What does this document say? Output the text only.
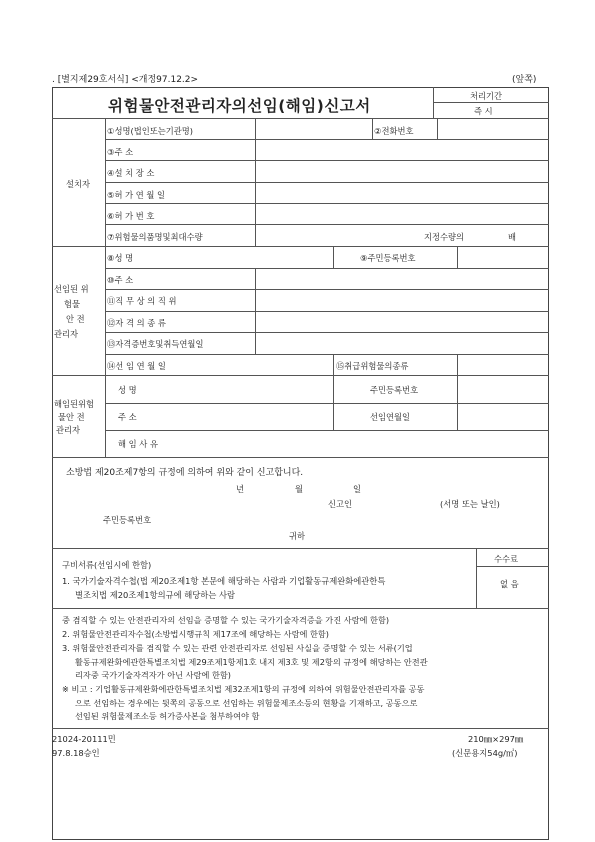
. [별지제29호서식] <개정97.12.2>	(앞쪽)
위험물안전관리자의선임(해임)신고서
처리기간
즉 시
설치자
①성명(법인또는기관명)	②전화번호
③주 소
④설 치 장 소
⑤허 가 연 월 일
⑥허 가 번 호
⑦위험물의품명및최대수량	지정수량의	배
선임된 위
험물
안 전
관리자
⑧성 명	⑨주민등록번호
⑩주 소
⑪직 무 상 의 직 위
⑫자 격 의 종 류
⑬자격증번호및취득연월일
⑭선 임 연 월 일	⑮취급위험물의종류
해임된위험
물안 전
관리자
성 명	주민등록번호
주 소	선임연월일
해 임 사 유
소방법 제20조제7항의 규정에 의하여 위와 같이 신고합니다.
년	월	일
신고인	(서명 또는 날인)
주민등록번호
귀하
구비서류(선임시에 한함)
1. 국가기술자격수첩(법 제20조제1항 본문에 해당하는 사람과 기업활동규제완화에관한특
별조치법 제20조제1항의규에 해당하는 사람
수수료
없 음
중 겸직할 수 있는 안전관리자의 선임을 증명할 수 있는 국가기술자격증을 가진 사람에 한함)
2. 위험물안전관리자수첩(소방법시행규칙 제17조에 해당하는 사람에 한함)
3. 위험물안전관리자를 겸직할 수 있는 관련 안전관리자로 선임된 사실을 증명할 수 있는 서류(기업
활동규제완화에관한특별조치법 제29조제1항제1호 내지 제3호 및 제2항의 규정에 해당하는 안전관
리자중 국가기술자격자가 아닌 사람에 한함)
※ 비고 : 기업활동규제완화에관한특별조치법 제32조제1항의 규정에 의하여 위험물안전관리자를 공동
으로 선임하는 경우에는 뒷쪽의 공동으로 선임하는 위험물제조소등의 현황을 기재하고, 공동으로
선임된 위험물제조소등 허가증사본을 첨부하여야 함
21024-20111민	210㎜×297㎜
97.8.18승인	(신문용지54g/㎡)
